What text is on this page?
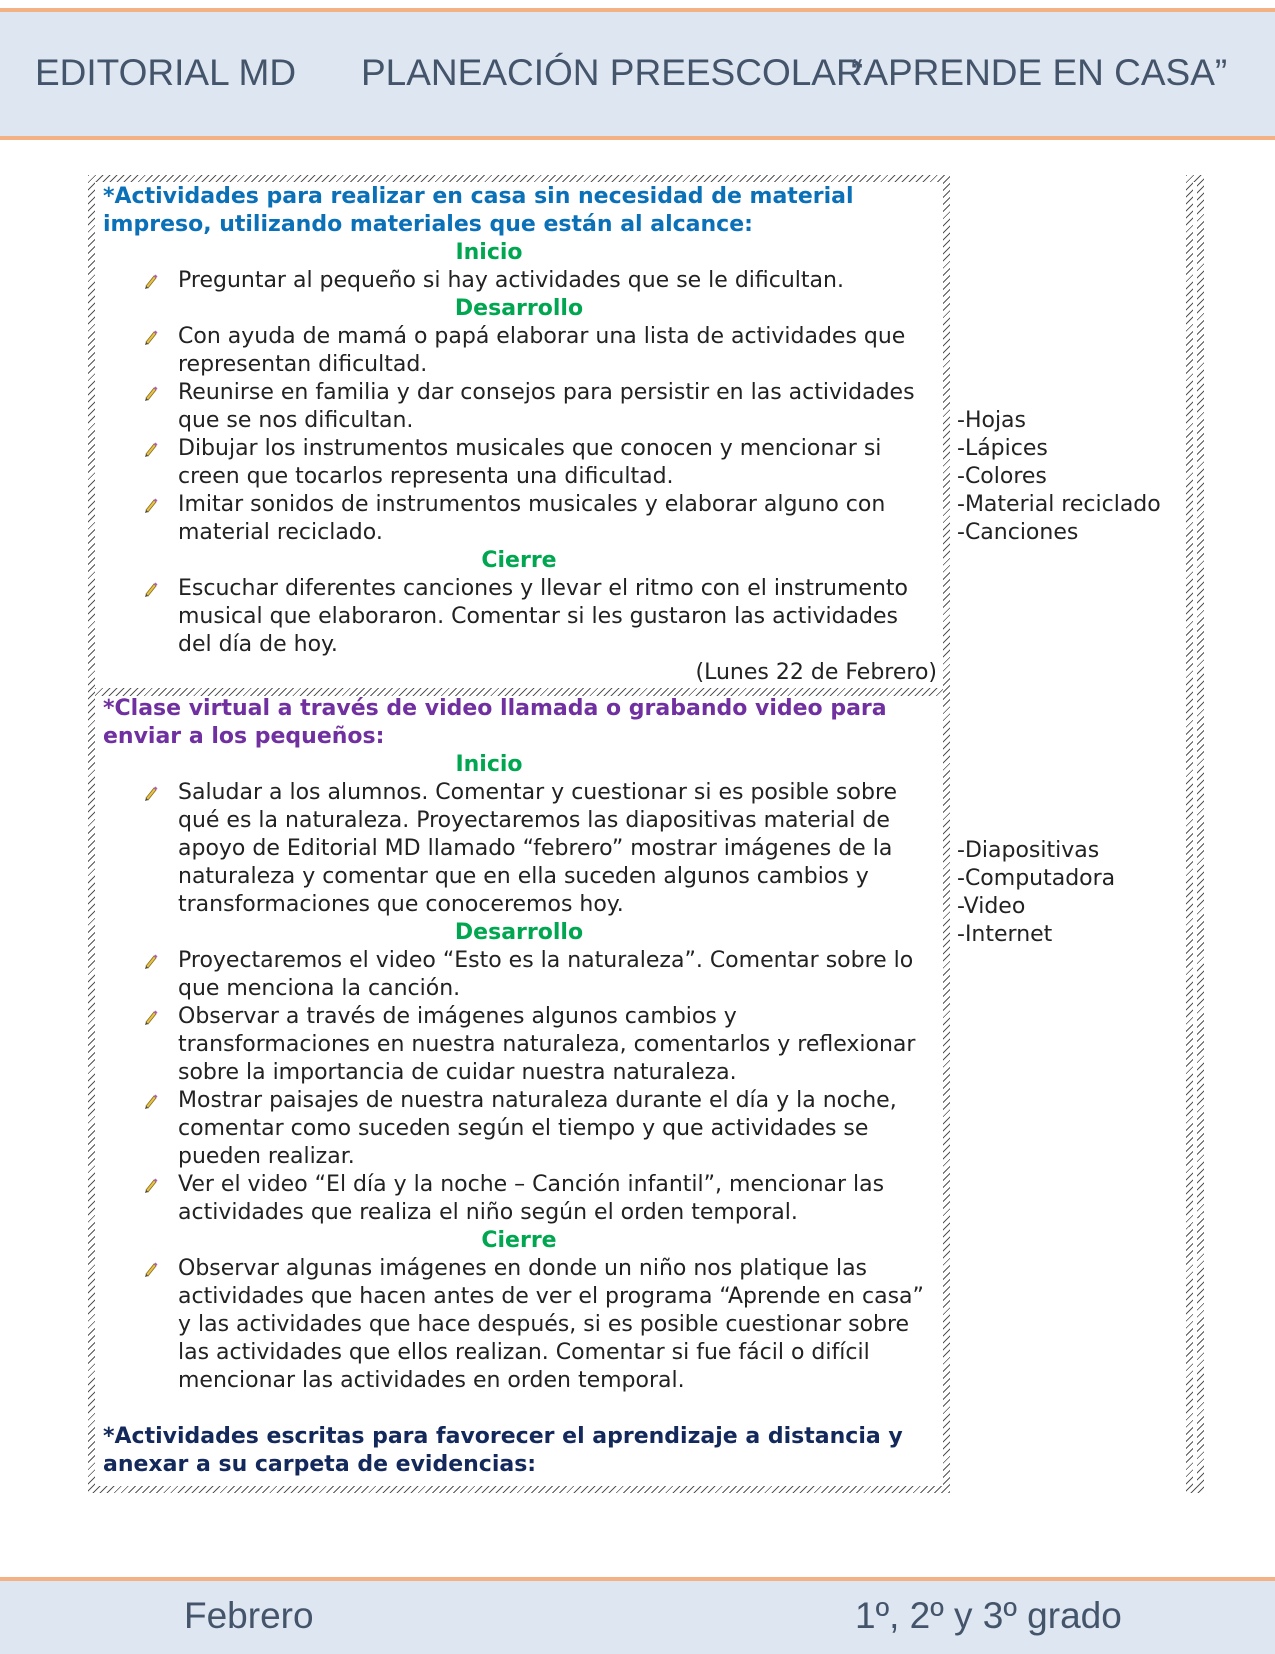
EDITORIAL MD PLANEACIÓN PREESCOLAR
“APRENDE EN CASA”
*Actividades para realizar en casa sin necesidad de material impreso, utilizando materiales que están al alcance:
Inicio
Preguntar al pequeño si hay actividades que se le dificultan.
Desarrollo
Con ayuda de mamá o papá elaborar una lista de actividades que representan dificultad.
Reunirse en familia y dar consejos para persistir en las actividades que se nos dificultan.
Dibujar los instrumentos musicales que conocen y mencionar si creen que tocarlos representa una dificultad.
Imitar sonidos de instrumentos musicales y elaborar alguno con material reciclado.
Cierre
Escuchar diferentes canciones y llevar el ritmo con el instrumento musical que elaboraron. Comentar si les gustaron las actividades del día de hoy.
(Lunes 22 de Febrero)
*Clase virtual a través de video llamada o grabando video para enviar a los pequeños:
Inicio
Saludar a los alumnos. Comentar y cuestionar si es posible sobre qué es la naturaleza. Proyectaremos las diapositivas material de apoyo de Editorial MD llamado “febrero” mostrar imágenes de la naturaleza y comentar que en ella suceden algunos cambios y transformaciones que conoceremos hoy.
Desarrollo
Proyectaremos el video “Esto es la naturaleza”. Comentar sobre lo que menciona la canción.
Observar a través de imágenes algunos cambios y transformaciones en nuestra naturaleza, comentarlos y reflexionar sobre la importancia de cuidar nuestra naturaleza.
Mostrar paisajes de nuestra naturaleza durante el día y la noche, comentar como suceden según el tiempo y que actividades se pueden realizar.
Ver el video “El día y la noche – Canción infantil”, mencionar las actividades que realiza el niño según el orden temporal.
Cierre
Observar algunas imágenes en donde un niño nos platique las actividades que hacen antes de ver el programa “Aprende en casa” y las actividades que hace después, si es posible cuestionar sobre las actividades que ellos realizan. Comentar si fue fácil o difícil mencionar las actividades en orden temporal.
*Actividades escritas para favorecer el aprendizaje a distancia y anexar a su carpeta de evidencias:
-Hojas
-Lápices
-Colores
-Material reciclado
-Canciones
-Diapositivas
-Computadora
-Video
-Internet
Febrero	1º, 2º y 3º grado
